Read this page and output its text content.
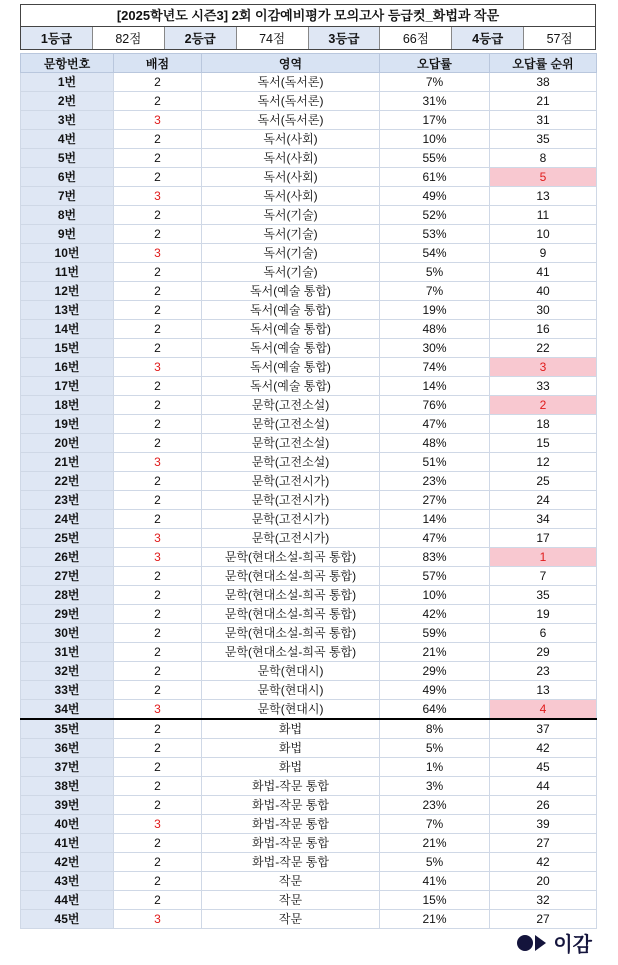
[2025학년도 시즌3] 2회 이감예비평가 모의고사 등급컷_화법과 작문
1등급	82점	2등급	74점	3등급	66점	4등급	57점
문항번호	배점	영역	오답률	오답률 순위
1번	2	독서(독서론)	7%	38
2번	2	독서(독서론)	31%	21
3번	3	독서(독서론)	17%	31
4번	2	독서(사회)	10%	35
5번	2	독서(사회)	55%	8
6번	2	독서(사회)	61%	5
7번	3	독서(사회)	49%	13
8번	2	독서(기술)	52%	11
9번	2	독서(기술)	53%	10
10번	3	독서(기술)	54%	9
11번	2	독서(기술)	5%	41
12번	2	독서(예술 통합)	7%	40
13번	2	독서(예술 통합)	19%	30
14번	2	독서(예술 통합)	48%	16
15번	2	독서(예술 통합)	30%	22
16번	3	독서(예술 통합)	74%	3
17번	2	독서(예술 통합)	14%	33
18번	2	문학(고전소설)	76%	2
19번	2	문학(고전소설)	47%	18
20번	2	문학(고전소설)	48%	15
21번	3	문학(고전소설)	51%	12
22번	2	문학(고전시가)	23%	25
23번	2	문학(고전시가)	27%	24
24번	2	문학(고전시가)	14%	34
25번	3	문학(고전시가)	47%	17
26번	3	문학(현대소설-희곡 통합)	83%	1
27번	2	문학(현대소설-희곡 통합)	57%	7
28번	2	문학(현대소설-희곡 통합)	10%	35
29번	2	문학(현대소설-희곡 통합)	42%	19
30번	2	문학(현대소설-희곡 통합)	59%	6
31번	2	문학(현대소설-희곡 통합)	21%	29
32번	2	문학(현대시)	29%	23
33번	2	문학(현대시)	49%	13
34번	3	문학(현대시)	64%	4
35번	2	화법	8%	37
36번	2	화법	5%	42
37번	2	화법	1%	45
38번	2	화법-작문 통합	3%	44
39번	2	화법-작문 통합	23%	26
40번	3	화법-작문 통합	7%	39
41번	2	화법-작문 통합	21%	27
42번	2	화법-작문 통합	5%	42
43번	2	작문	41%	20
44번	2	작문	15%	32
45번	3	작문	21%	27
이감
